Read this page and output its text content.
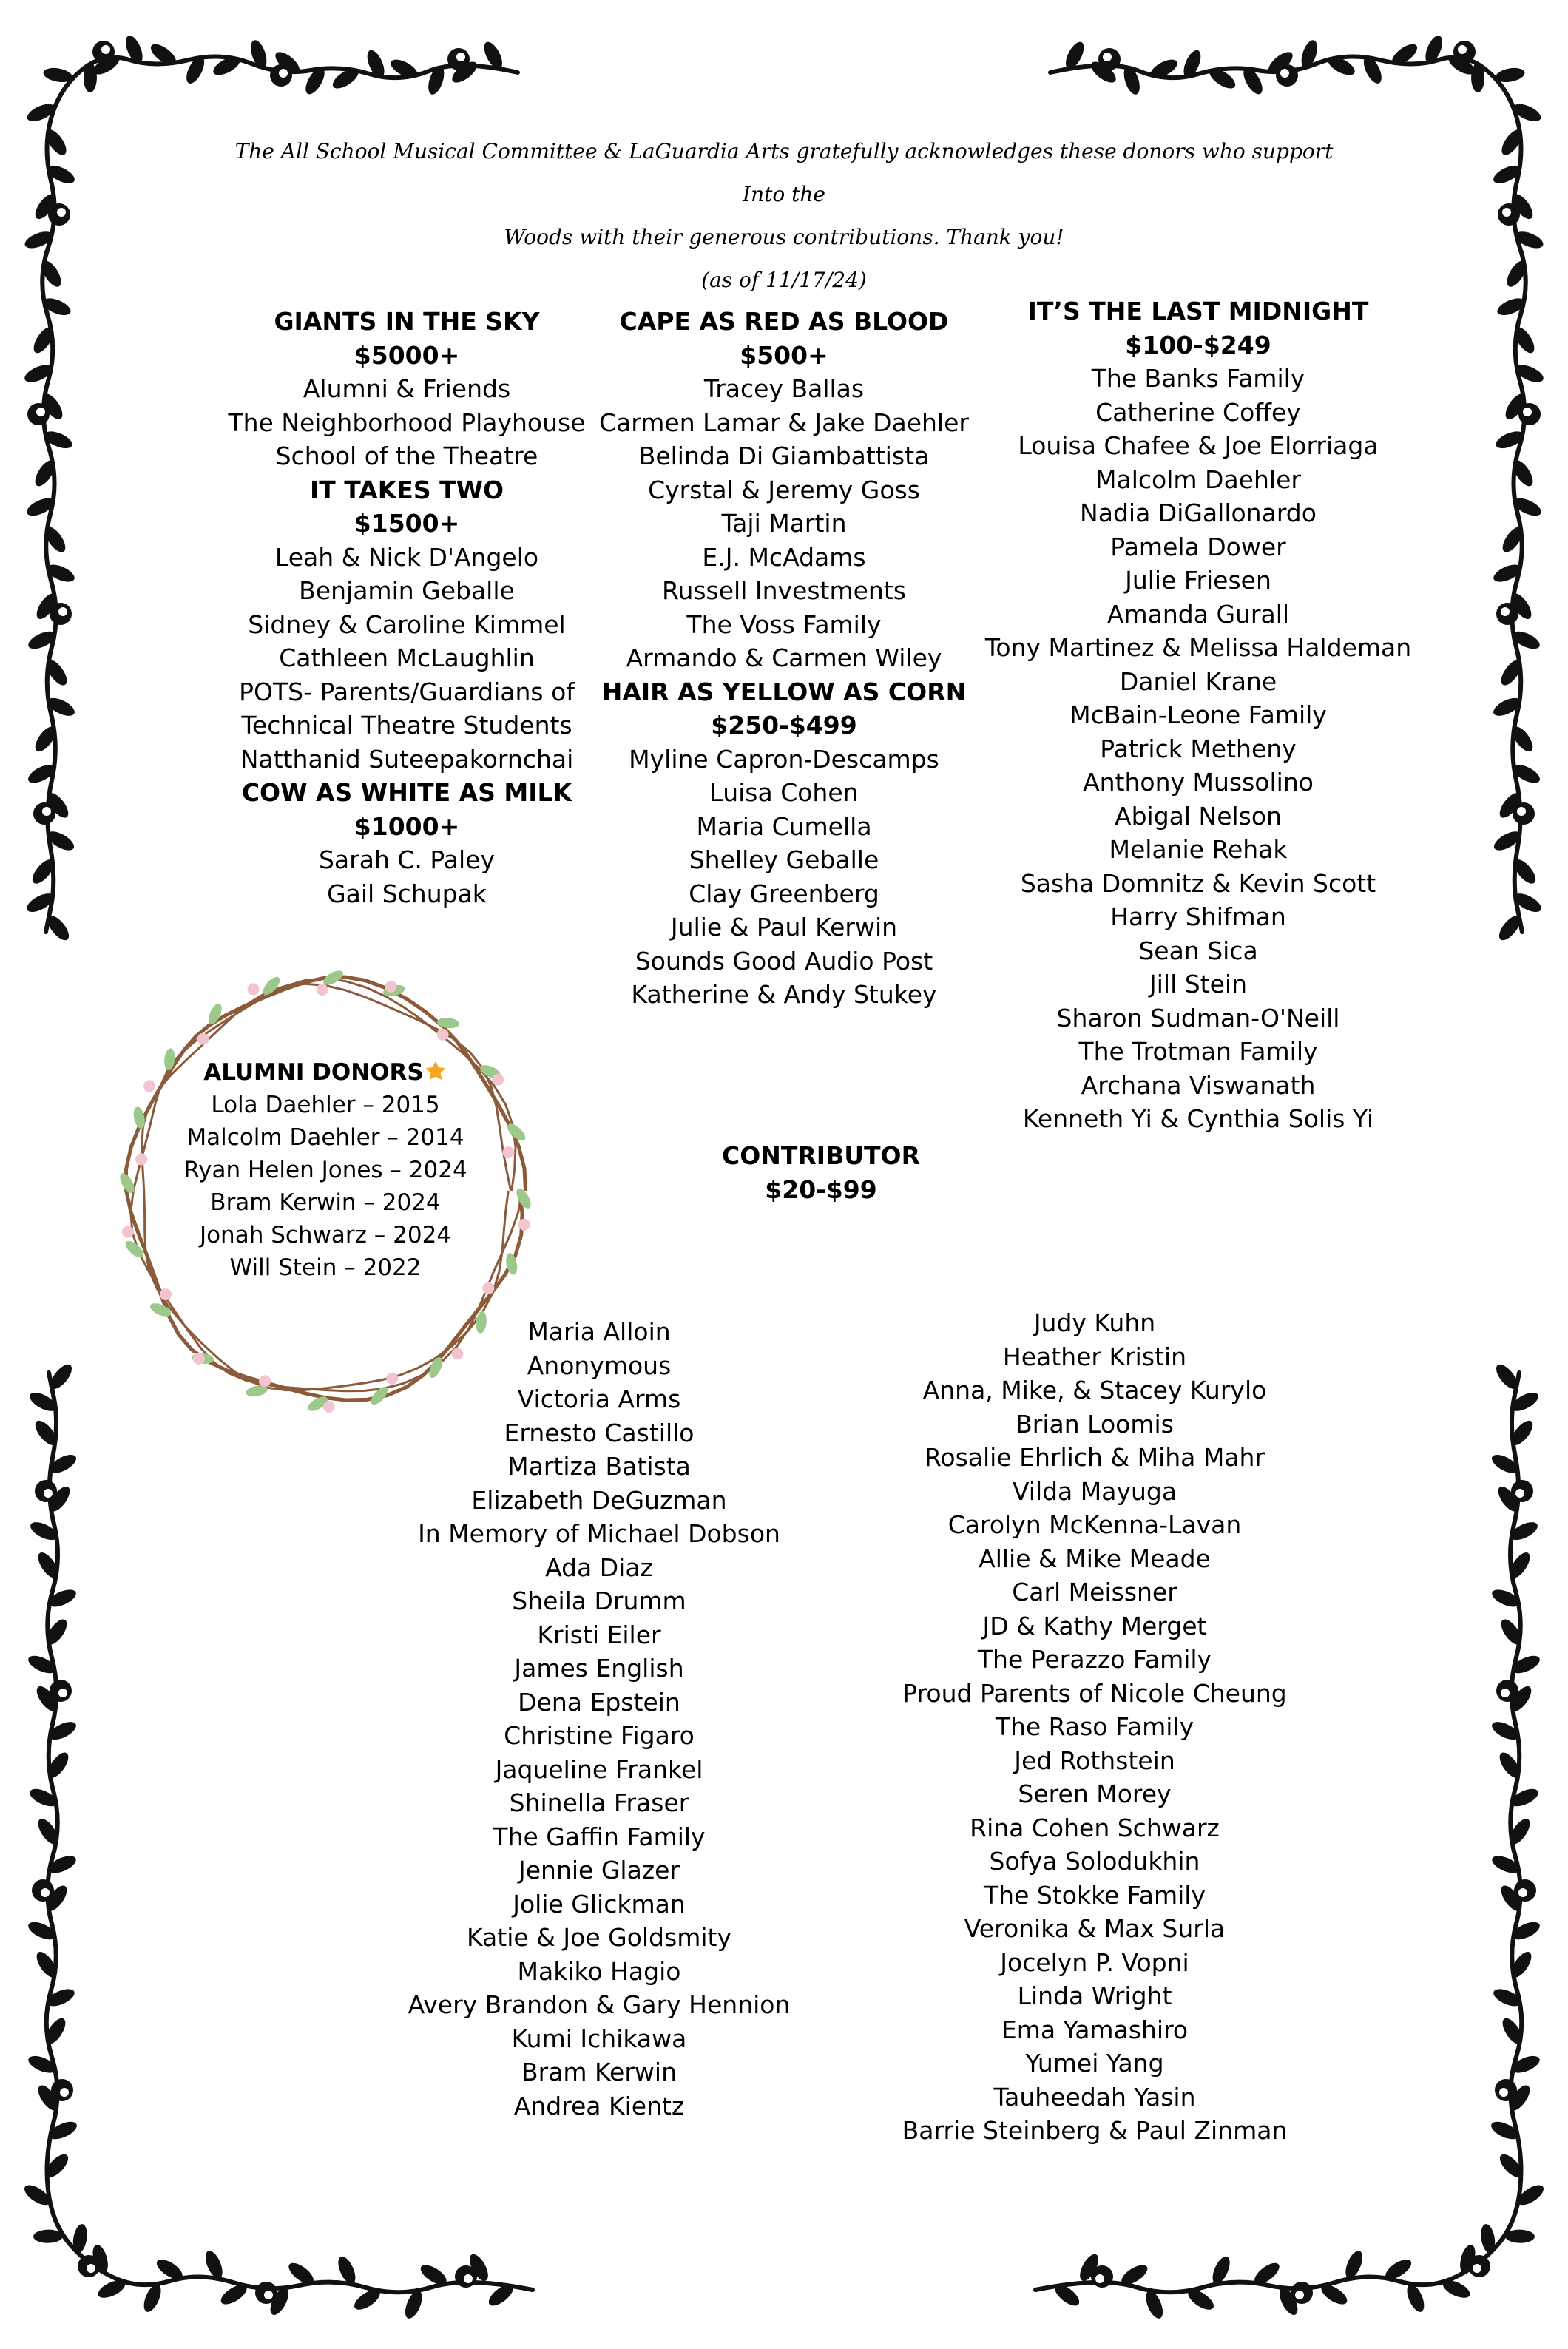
The All School Musical Committee & LaGuardia Arts gratefully acknowledges these donors who support Into the
Woods with their generous contributions. Thank you!
(as of 11/17/24)
GIANTS IN THE SKY
$5000+
Alumni & Friends
The Neighborhood Playhouse
School of the Theatre
IT TAKES TWO
$1500+
Leah & Nick D'Angelo
Benjamin Geballe
Sidney & Caroline Kimmel
Cathleen McLaughlin
POTS- Parents/Guardians of
Technical Theatre Students
Natthanid Suteepakornchai
COW AS WHITE AS MILK
$1000+
Sarah C. Paley
Gail Schupak
CAPE AS RED AS BLOOD
$500+
Tracey Ballas
Carmen Lamar & Jake Daehler
Belinda Di Giambattista
Cyrstal & Jeremy Goss
Taji Martin
E.J. McAdams
Russell Investments
The Voss Family
Armando & Carmen Wiley
HAIR AS YELLOW AS CORN
$250-$499
Myline Capron-Descamps
Luisa Cohen
Maria Cumella
Shelley Geballe
Clay Greenberg
Julie & Paul Kerwin
Sounds Good Audio Post
Katherine & Andy Stukey
IT’S THE LAST MIDNIGHT
$100-$249
The Banks Family
Catherine Coffey
Louisa Chafee & Joe Elorriaga
Malcolm Daehler
Nadia DiGallonardo
Pamela Dower
Julie Friesen
Amanda Gurall
Tony Martinez & Melissa Haldeman
Daniel Krane
McBain-Leone Family
Patrick Metheny
Anthony Mussolino
Abigal Nelson
Melanie Rehak
Sasha Domnitz & Kevin Scott
Harry Shifman
Sean Sica
Jill Stein
Sharon Sudman-O'Neill
The Trotman Family
Archana Viswanath
Kenneth Yi & Cynthia Solis Yi
ALUMNI DONORS
Lola Daehler – 2015
Malcolm Daehler – 2014
Ryan Helen Jones – 2024
Bram Kerwin – 2024
Jonah Schwarz – 2024
Will Stein – 2022
CONTRIBUTOR
$20-$99
Maria Alloin
Anonymous
Victoria Arms
Ernesto Castillo
Martiza Batista
Elizabeth DeGuzman
In Memory of Michael Dobson
Ada Diaz
Sheila Drumm
Kristi Eiler
James English
Dena Epstein
Christine Figaro
Jaqueline Frankel
Shinella Fraser
The Gaffin Family
Jennie Glazer
Jolie Glickman
Katie & Joe Goldsmity
Makiko Hagio
Avery Brandon & Gary Hennion
Kumi Ichikawa
Bram Kerwin
Andrea Kientz
Judy Kuhn
Heather Kristin
Anna, Mike, & Stacey Kurylo
Brian Loomis
Rosalie Ehrlich & Miha Mahr
Vilda Mayuga
Carolyn McKenna-Lavan
Allie & Mike Meade
Carl Meissner
JD & Kathy Merget
The Perazzo Family
Proud Parents of Nicole Cheung
The Raso Family
Jed Rothstein
Seren Morey
Rina Cohen Schwarz
Sofya Solodukhin
The Stokke Family
Veronika & Max Surla
Jocelyn P. Vopni
Linda Wright
Ema Yamashiro
Yumei Yang
Tauheedah Yasin
Barrie Steinberg & Paul Zinman
